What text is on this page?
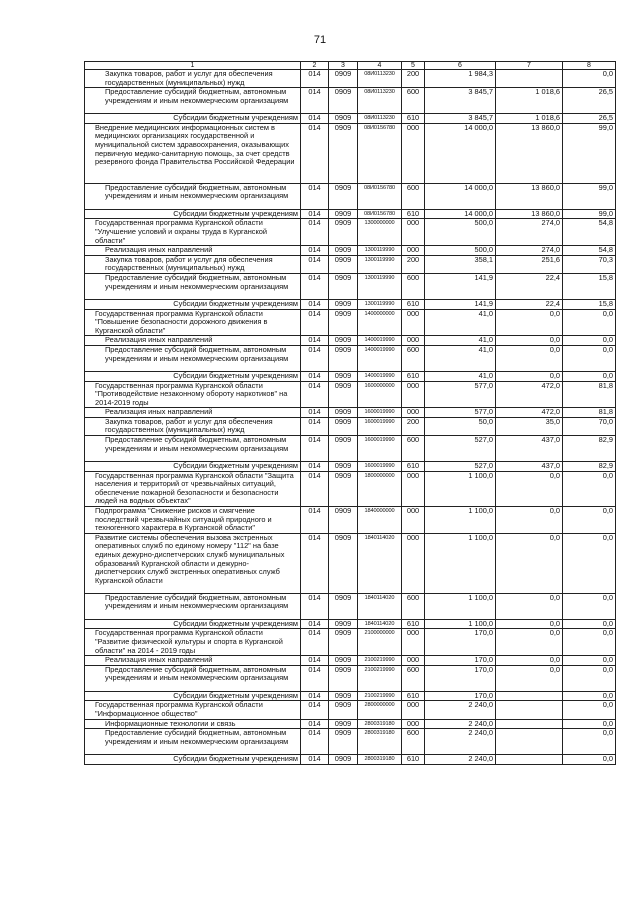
71
1	2	3	4	5	6	7	8
Закупка товаров, работ и услуг для обеспечения государственных (муниципальных) нужд	014	0909	08И0113230	200	1 984,3		0,0
Предоставление субсидий бюджетным, автономным учреждениям и иным некоммерческим организациям	014	0909	08И0113230	600	3 845,7	1 018,6	26,5
Субсидии бюджетным учреждениям	014	0909	08И0113230	610	3 845,7	1 018,6	26,5
Внедрение медицинских информационных систем в медицинских организациях государственной и муниципальной систем здравоохранения, оказывающих первичную медико-санитарную помощь, за счет средств резервного фонда Правительства Российской Федерации	014	0909	08И0156780	000	14 000,0	13 860,0	99,0
Предоставление субсидий бюджетным, автономным учреждениям и иным некоммерческим организациям	014	0909	08И0156780	600	14 000,0	13 860,0	99,0
Субсидии бюджетным учреждениям	014	0909	08И0156780	610	14 000,0	13 860,0	99,0
Государственная программа Курганской области "Улучшение условий и охраны труда в Курганской области"	014	0909	1300000000	000	500,0	274,0	54,8
Реализация иных направлений	014	0909	1300119990	000	500,0	274,0	54,8
Закупка товаров, работ и услуг для обеспечения государственных (муниципальных) нужд	014	0909	1300119990	200	358,1	251,6	70,3
Предоставление субсидий бюджетным, автономным учреждениям и иным некоммерческим организациям	014	0909	1300119990	600	141,9	22,4	15,8
Субсидии бюджетным учреждениям	014	0909	1300119990	610	141,9	22,4	15,8
Государственная программа Курганской области "Повышение безопасности дорожного движения в Курганской области"	014	0909	1400000000	000	41,0	0,0	0,0
Реализация иных направлений	014	0909	1400019990	000	41,0	0,0	0,0
Предоставление субсидий бюджетным, автономным учреждениям и иным некоммерческим организациям	014	0909	1400019990	600	41,0	0,0	0,0
Субсидии бюджетным учреждениям	014	0909	1400019990	610	41,0	0,0	0,0
Государственная программа Курганской области "Противодействие незаконному обороту наркотиков" на 2014-2019 годы	014	0909	1600000000	000	577,0	472,0	81,8
Реализация иных направлений	014	0909	1600019990	000	577,0	472,0	81,8
Закупка товаров, работ и услуг для обеспечения государственных (муниципальных) нужд	014	0909	1600019990	200	50,0	35,0	70,0
Предоставление субсидий бюджетным, автономным учреждениям и иным некоммерческим организациям	014	0909	1600019990	600	527,0	437,0	82,9
Субсидии бюджетным учреждениям	014	0909	1600019990	610	527,0	437,0	82,9
Государственная программа Курганской области "Защита населения и территорий от чрезвычайных ситуаций, обеспечение пожарной безопасности и безопасности людей на водных объектах"	014	0909	1800000000	000	1 100,0	0,0	0,0
Подпрограмма "Снижение рисков и смягчение последствий чрезвычайных ситуаций природного и техногенного характера в Курганской области"	014	0909	1840000000	000	1 100,0	0,0	0,0
Развитие системы обеспечения вызова экстренных оперативных служб по единому номеру "112" на базе единых дежурно-диспетчерских служб муниципальных образований Курганской области и дежурно-диспетчерских служб экстренных оперативных служб Курганской области	014	0909	1840114020	000	1 100,0	0,0	0,0
Предоставление субсидий бюджетным, автономным учреждениям и иным некоммерческим организациям	014	0909	1840114020	600	1 100,0	0,0	0,0
Субсидии бюджетным учреждениям	014	0909	1840114020	610	1 100,0	0,0	0,0
Государственная программа Курганской области "Развитие физической культуры и спорта в Курганской области" на 2014 - 2019 годы	014	0909	2100000000	000	170,0	0,0	0,0
Реализация иных направлений	014	0909	2100219990	000	170,0	0,0	0,0
Предоставление субсидий бюджетным, автономным учреждениям и иным некоммерческим организациям	014	0909	2100219990	600	170,0	0,0	0,0
Субсидии бюджетным учреждениям	014	0909	2100219990	610	170,0		0,0
Государственная программа Курганской области "Информационное общество"	014	0909	2800000000	000	2 240,0		0,0
Информационные технологии и связь	014	0909	2800319180	000	2 240,0		0,0
Предоставление субсидий бюджетным, автономным учреждениям и иным некоммерческим организациям	014	0909	2800319180	600	2 240,0		0,0
Субсидии бюджетным учреждениям	014	0909	2800319180	610	2 240,0		0,0
